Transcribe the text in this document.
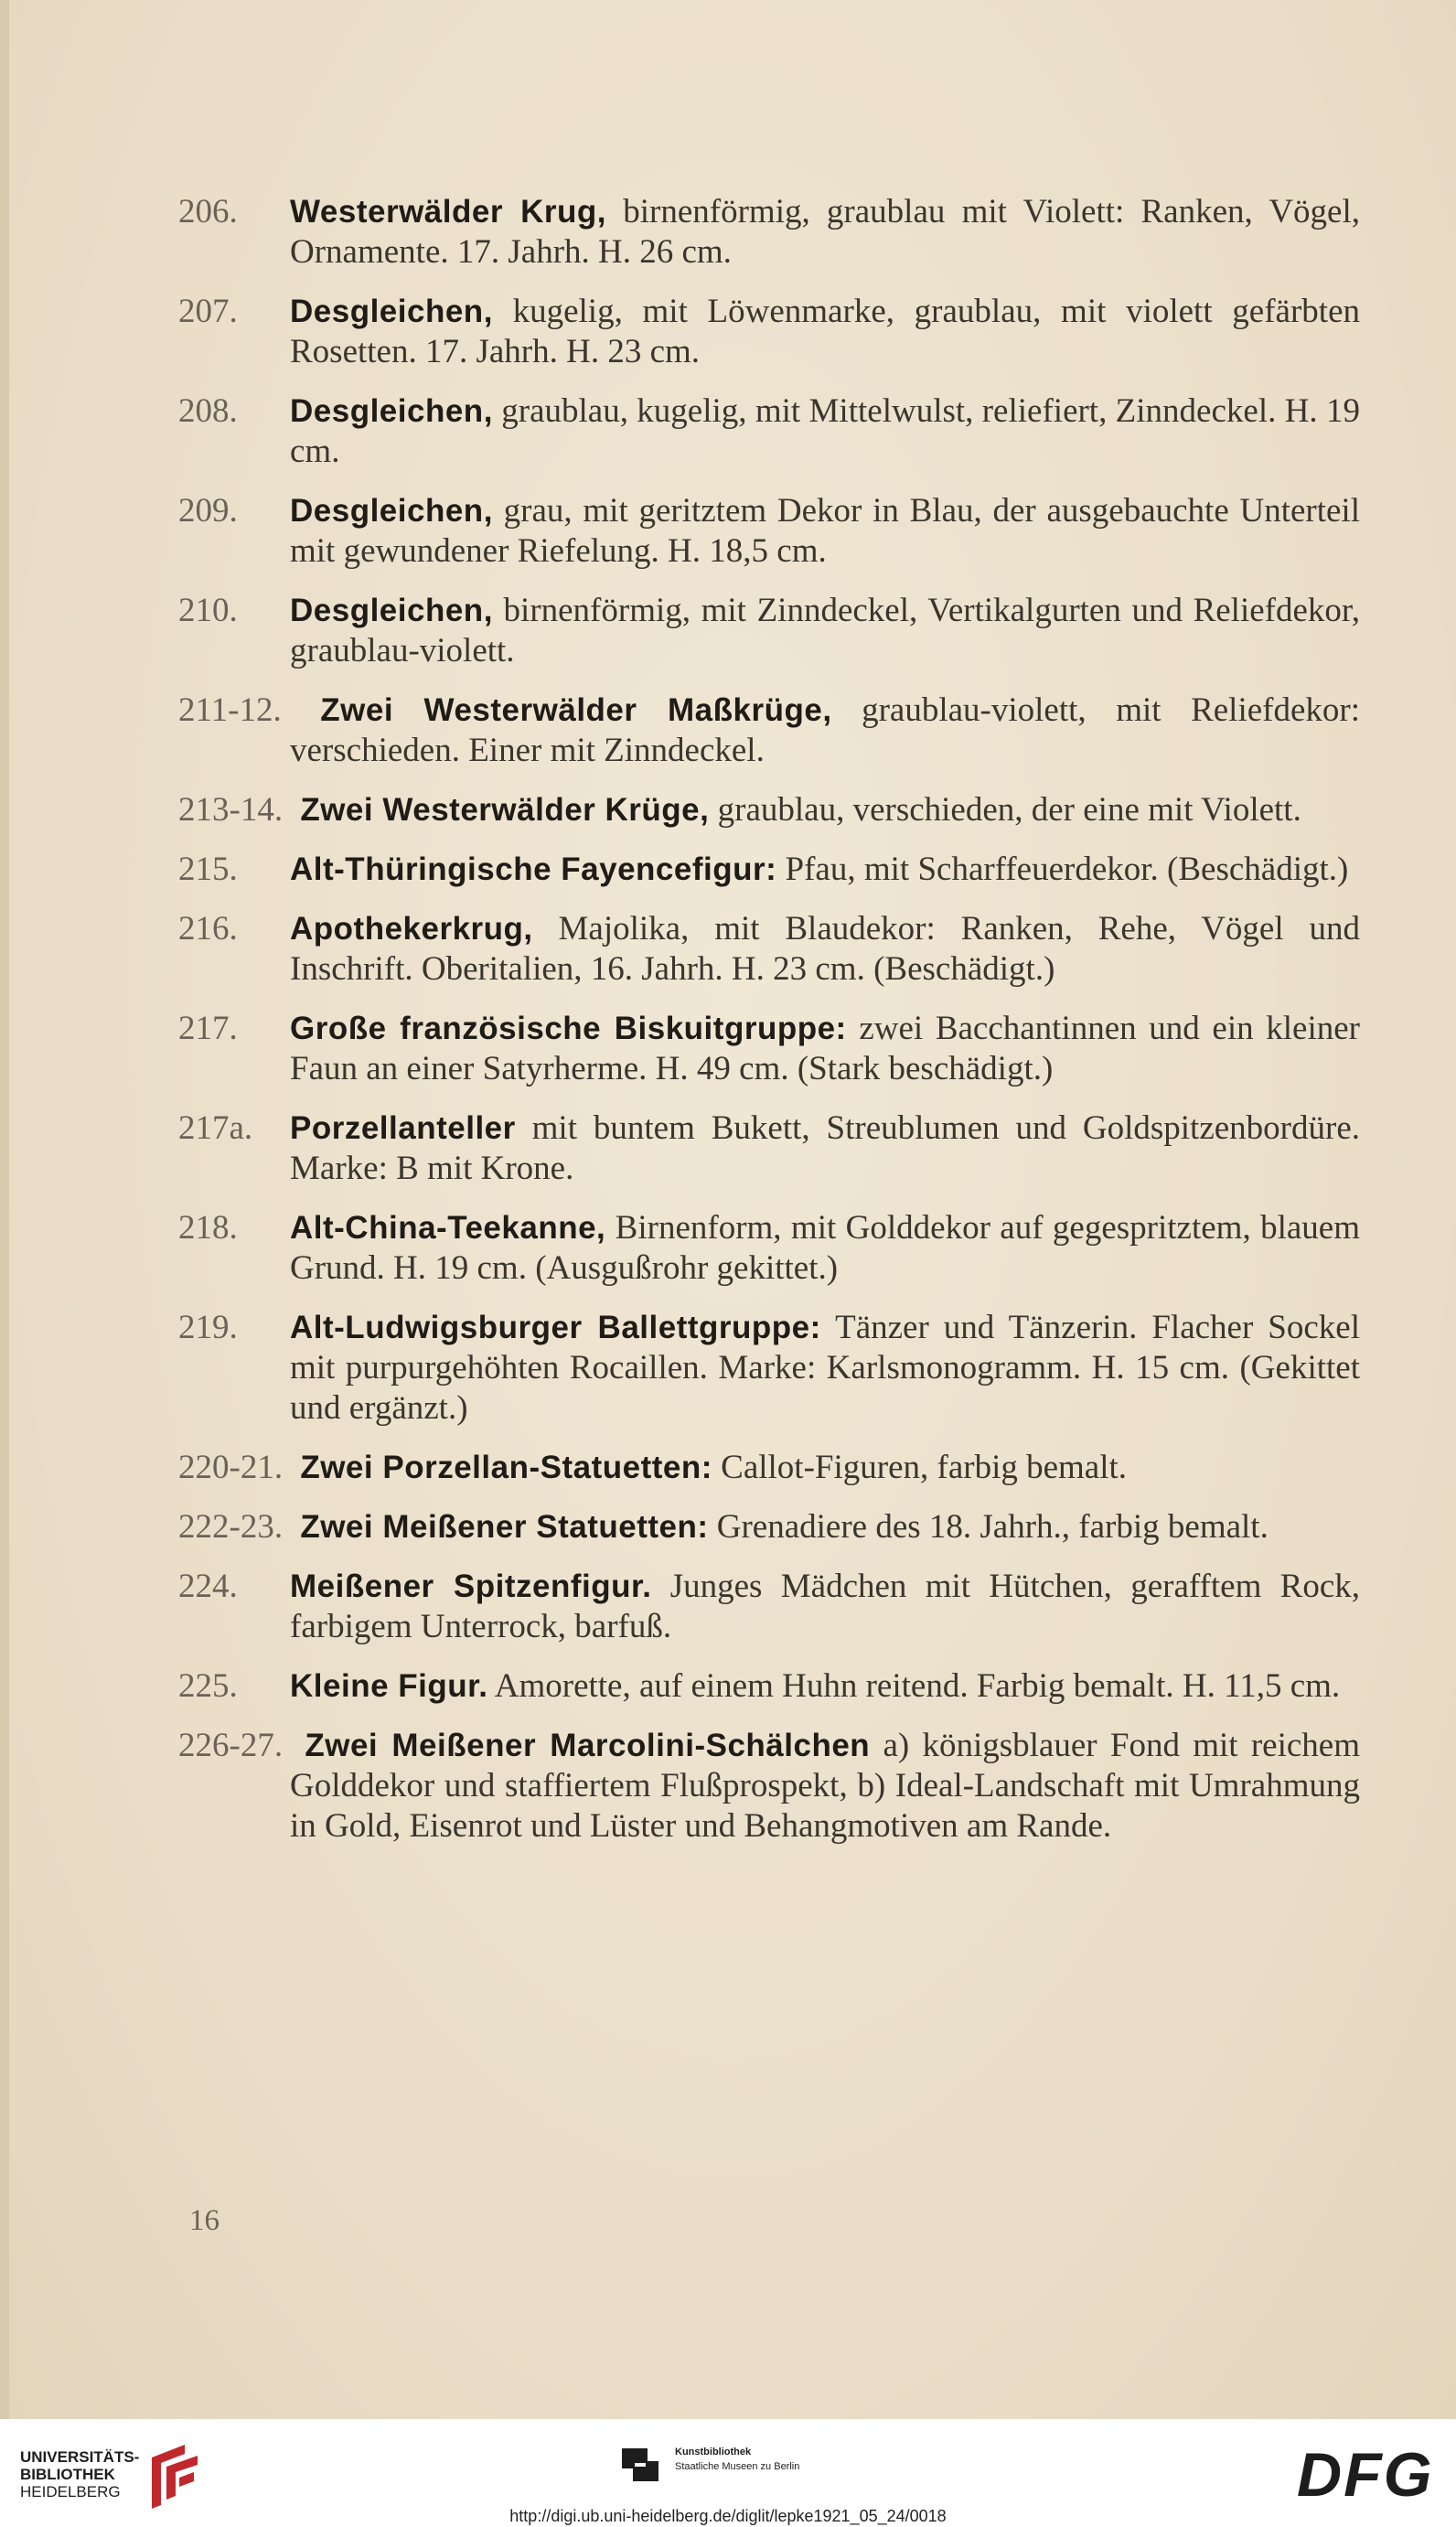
206. Westerwälder Krug, birnenförmig, graublau mit Violett: Ranken, Vögel, Ornamente. 17. Jahrh. H. 26 cm.
207. Desgleichen, kugelig, mit Löwenmarke, graublau, mit violett gefärbten Rosetten. 17. Jahrh. H. 23 cm.
208. Desgleichen, graublau, kugelig, mit Mittelwulst, reliefiert, Zinndeckel. H. 19 cm.
209. Desgleichen, grau, mit geritztem Dekor in Blau, der ausgebauchte Unterteil mit gewundener Riefelung. H. 18,5 cm.
210. Desgleichen, birnenförmig, mit Zinndeckel, Vertikalgurten und Reliefdekor, graublau-violett.
211-12. Zwei Westerwälder Maßkrüge, graublau-violett, mit Reliefdekor: verschieden. Einer mit Zinndeckel.
213-14. Zwei Westerwälder Krüge, graublau, verschieden, der eine mit Violett.
215. Alt-Thüringische Fayencefigur: Pfau, mit Scharffeuerdekor. (Beschädigt.)
216. Apothekerkrug, Majolika, mit Blaudekor: Ranken, Rehe, Vögel und Inschrift. Oberitalien, 16. Jahrh. H. 23 cm. (Beschädigt.)
217. Große französische Biskuitgruppe: zwei Bacchantinnen und ein kleiner Faun an einer Satyrherme. H. 49 cm. (Stark beschädigt.)
217a. Porzellanteller mit buntem Bukett, Streublumen und Goldspitzenbordüre. Marke: B mit Krone.
218. Alt-China-Teekanne, Birnenform, mit Golddekor auf gegespritztem, blauem Grund. H. 19 cm. (Ausgußrohr gekittet.)
219. Alt-Ludwigsburger Ballettgruppe: Tänzer und Tänzerin. Flacher Sockel mit purpurgehöhten Rocaillen. Marke: Karlsmonogramm. H. 15 cm. (Gekittet und ergänzt.)
220-21. Zwei Porzellan-Statuetten: Callot-Figuren, farbig bemalt.
222-23. Zwei Meißener Statuetten: Grenadiere des 18. Jahrh., farbig bemalt.
224. Meißener Spitzenfigur. Junges Mädchen mit Hütchen, gerafftem Rock, farbigem Unterrock, barfuß.
225. Kleine Figur. Amorette, auf einem Huhn reitend. Farbig bemalt. H. 11,5 cm.
226-27. Zwei Meißener Marcolini-Schälchen a) königsblauer Fond mit reichem Golddekor und staffiertem Flußprospekt, b) Ideal-Landschaft mit Umrahmung in Gold, Eisenrot und Lüster und Behangmotiven am Rande.
16
UNIVERSITÄTS-
BIBLIOTHEK
HEIDELBERG
Kunstbibliothek
Staatliche Museen zu Berlin	DFG
http://digi.ub.uni-heidelberg.de/diglit/lepke1921_05_24/0018
